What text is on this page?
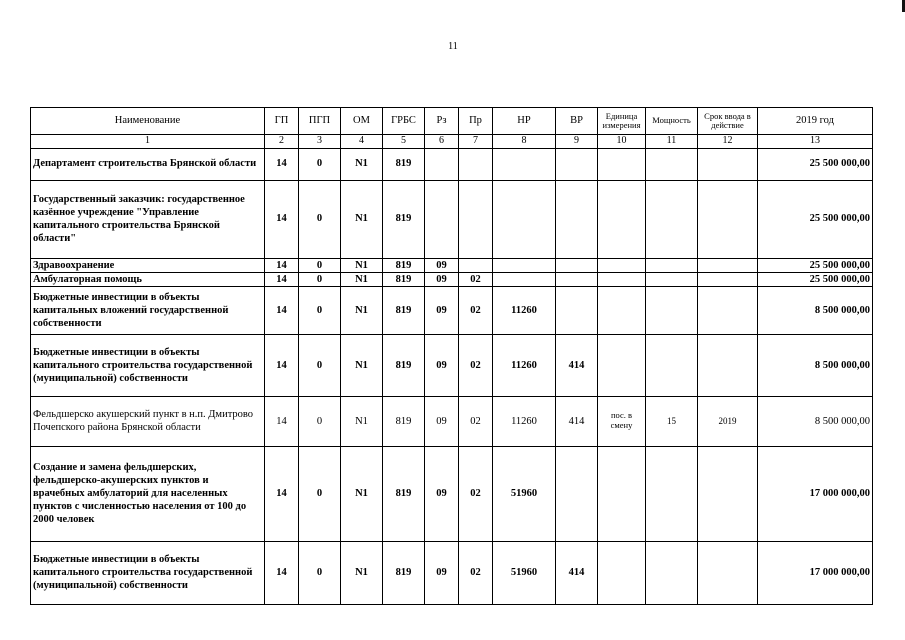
11
Наименование	ГП	ПГП	ОМ	ГРБС	Рз	Пр	НР	ВР	Единица измерения	Мощность	Срок ввода в действие	2019 год
1	2	3	4	5	6	7	8	9	10	11	12	13
Департамент строительства Брянской области	14	0	N1	819								25 500 000,00
Государственный заказчик: государственное казённое учреждение "Управление капитального строительства Брянской области"	14	0	N1	819								25 500 000,00
Здравоохранение	14	0	N1	819	09							25 500 000,00
Амбулаторная помощь	14	0	N1	819	09	02						25 500 000,00
Бюджетные инвестиции в объекты капитальных вложений государственной собственности	14	0	N1	819	09	02	11260					8 500 000,00
Бюджетные инвестиции в объекты капитального строительства государственной (муниципальной) собственности	14	0	N1	819	09	02	11260	414				8 500 000,00
Фельдшерско акушерский пункт в н.п. Дмитрово Почепского района Брянской области	14	0	N1	819	09	02	11260	414	пос. в смену	15	2019	8 500 000,00
Создание и замена фельдшерских, фельдшерско-акушерских пунктов и врачебных амбулаторий для населенных пунктов с численностью населения от 100 до 2000 человек	14	0	N1	819	09	02	51960					17 000 000,00
Бюджетные инвестиции в объекты капитального строительства государственной (муниципальной) собственности	14	0	N1	819	09	02	51960	414				17 000 000,00
